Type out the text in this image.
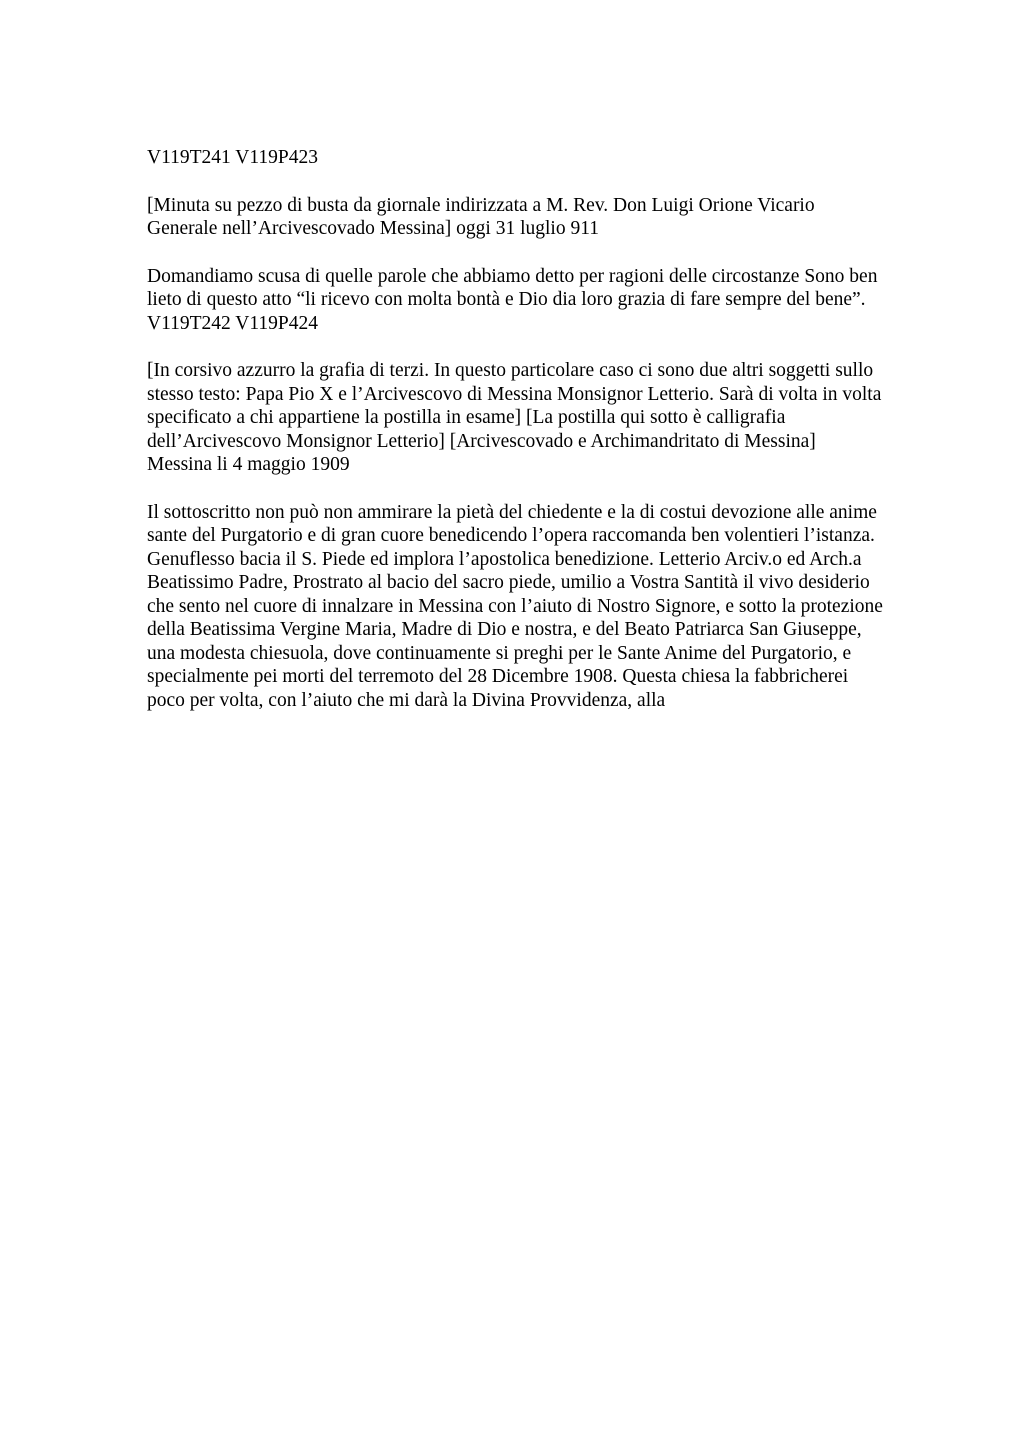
V119T241 V119P423

[Minuta su pezzo di busta da giornale indirizzata a M. Rev. Don Luigi Orione Vicario
Generale nell’Arcivescovado Messina] oggi 31 luglio 911

Domandiamo scusa di quelle parole che abbiamo detto per ragioni delle circostanze Sono ben
lieto di questo atto “li ricevo con molta bontà e Dio dia loro grazia di fare sempre del bene”.
V119T242 V119P424

[In corsivo azzurro la grafia di terzi. In questo particolare caso ci sono due altri soggetti sullo
stesso testo: Papa Pio X e l’Arcivescovo di Messina Monsignor Letterio. Sarà di volta in volta
specificato a chi appartiene la postilla in esame] [La postilla qui sotto è calligrafia
dell’Arcivescovo Monsignor Letterio] [Arcivescovado e Archimandritato di Messina]
Messina li 4 maggio 1909

Il sottoscritto non può non ammirare la pietà del chiedente e la di costui devozione alle anime
sante del Purgatorio e di gran cuore benedicendo l’opera raccomanda ben volentieri l’istanza.
Genuflesso bacia il S. Piede ed implora l’apostolica benedizione. Letterio Arciv.o ed Arch.a
Beatissimo Padre, Prostrato al bacio del sacro piede, umilio a Vostra Santità il vivo desiderio
che sento nel cuore di innalzare in Messina con l’aiuto di Nostro Signore, e sotto la protezione
della Beatissima Vergine Maria, Madre di Dio e nostra, e del Beato Patriarca San Giuseppe,
una modesta chiesuola, dove continuamente si preghi per le Sante Anime del Purgatorio, e
specialmente pei morti del terremoto del 28 Dicembre 1908. Questa chiesa la fabbricherei
poco per volta, con l’aiuto che mi darà la Divina Provvidenza, alla
